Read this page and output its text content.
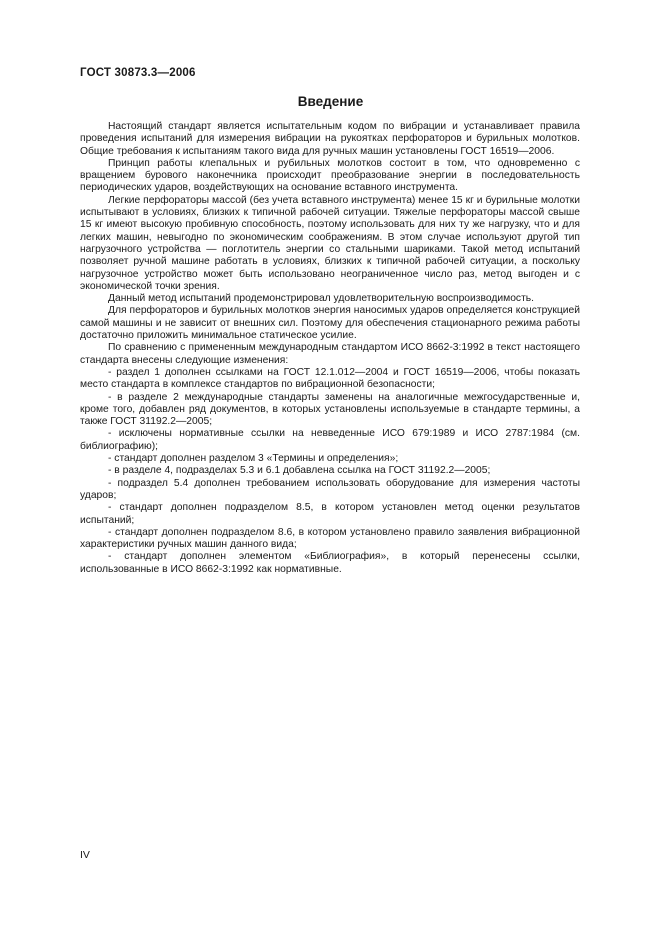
ГОСТ 30873.3—2006
Введение

Настоящий стандарт является испытательным кодом по вибрации и устанавливает правила проведения испытаний для измерения вибрации на рукоятках перфораторов и бурильных молотков. Общие требования к испытаниям такого вида для ручных машин установлены ГОСТ 16519—2006.

Принцип работы клепальных и рубильных молотков состоит в том, что одновременно с вращением бурового наконечника происходит преобразование энергии в последовательность периодических ударов, воздействующих на основание вставного инструмента.

Легкие перфораторы массой (без учета вставного инструмента) менее 15 кг и бурильные молотки испытывают в условиях, близких к типичной рабочей ситуации. Тяжелые перфораторы массой свыше 15 кг имеют высокую пробивную способность, поэтому использовать для них ту же нагрузку, что и для легких машин, невыгодно по экономическим соображениям. В этом случае используют другой тип нагрузочного устройства — поглотитель энергии со стальными шариками. Такой метод испытаний позволяет ручной машине работать в условиях, близких к типичной рабочей ситуации, а поскольку нагрузочное устройство может быть использовано неограниченное число раз, метод выгоден и с экономической точки зрения.

Данный метод испытаний продемонстрировал удовлетворительную воспроизводимость.

Для перфораторов и бурильных молотков энергия наносимых ударов определяется конструкцией самой машины и не зависит от внешних сил. Поэтому для обеспечения стационарного режима работы достаточно приложить минимальное статическое усилие.

По сравнению с примененным международным стандартом ИСО 8662-3:1992 в текст настоящего стандарта внесены следующие изменения:

- раздел 1 дополнен ссылками на ГОСТ 12.1.012—2004 и ГОСТ 16519—2006, чтобы показать место стандарта в комплексе стандартов по вибрационной безопасности;

- в разделе 2 международные стандарты заменены на аналогичные межгосударственные и, кроме того, добавлен ряд документов, в которых установлены используемые в стандарте термины, а также ГОСТ 31192.2—2005;

- исключены нормативные ссылки на невведенные ИСО 679:1989 и ИСО 2787:1984 (см. библиографию);

- стандарт дополнен разделом 3 «Термины и определения»;

- в разделе 4, подразделах 5.3 и 6.1 добавлена ссылка на ГОСТ 31192.2—2005;

- подраздел 5.4 дополнен требованием использовать оборудование для измерения частоты ударов;

- стандарт дополнен подразделом 8.5, в котором установлен метод оценки результатов испытаний;

- стандарт дополнен подразделом 8.6, в котором установлено правило заявления вибрационной характеристики ручных машин данного вида;

- стандарт дополнен элементом «Библиография», в который перенесены ссылки, использованные в ИСО 8662-3:1992 как нормативные.

IV
